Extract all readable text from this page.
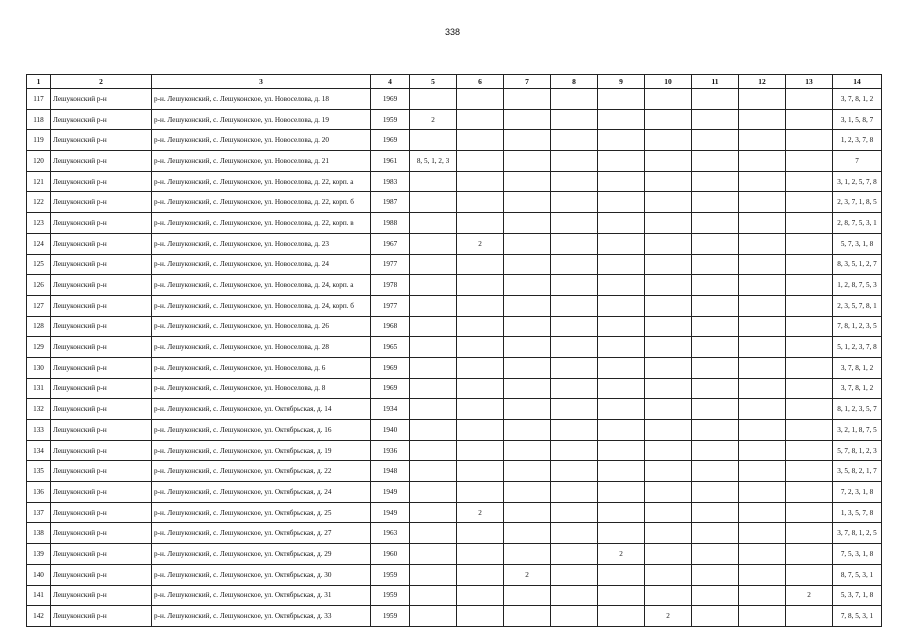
338
1	2	3	4	5	6	7	8	9	10	11	12	13	14
117	Лешуконский р-н	р-н. Лешуконский, с. Лешуконское, ул. Новоселова, д. 18	1969										3, 7, 8, 1, 2
118	Лешуконский р-н	р-н. Лешуконский, с. Лешуконское, ул. Новоселова, д. 19	1959	2									3, 1, 5, 8, 7
119	Лешуконский р-н	р-н. Лешуконский, с. Лешуконское, ул. Новоселова, д. 20	1969										1, 2, 3, 7, 8
120	Лешуконский р-н	р-н. Лешуконский, с. Лешуконское, ул. Новоселова, д. 21	1961	8, 5, 1, 2, 3									7
121	Лешуконский р-н	р-н. Лешуконский, с. Лешуконское, ул. Новоселова, д. 22, корп. а	1983										3, 1, 2, 5, 7, 8
122	Лешуконский р-н	р-н. Лешуконский, с. Лешуконское, ул. Новоселова, д. 22, корп. б	1987										2, 3, 7, 1, 8, 5
123	Лешуконский р-н	р-н. Лешуконский, с. Лешуконское, ул. Новоселова, д. 22, корп. в	1988										2, 8, 7, 5, 3, 1
124	Лешуконский р-н	р-н. Лешуконский, с. Лешуконское, ул. Новоселова, д. 23	1967		2								5, 7, 3, 1, 8
125	Лешуконский р-н	р-н. Лешуконский, с. Лешуконское, ул. Новоселова, д. 24	1977										8, 3, 5, 1, 2, 7
126	Лешуконский р-н	р-н. Лешуконский, с. Лешуконское, ул. Новоселова, д. 24, корп. а	1978										1, 2, 8, 7, 5, 3
127	Лешуконский р-н	р-н. Лешуконский, с. Лешуконское, ул. Новоселова, д. 24, корп. б	1977										2, 3, 5, 7, 8, 1
128	Лешуконский р-н	р-н. Лешуконский, с. Лешуконское, ул. Новоселова, д. 26	1968										7, 8, 1, 2, 3, 5
129	Лешуконский р-н	р-н. Лешуконский, с. Лешуконское, ул. Новоселова, д. 28	1965										5, 1, 2, 3, 7, 8
130	Лешуконский р-н	р-н. Лешуконский, с. Лешуконское, ул. Новоселова, д. 6	1969										3, 7, 8, 1, 2
131	Лешуконский р-н	р-н. Лешуконский, с. Лешуконское, ул. Новоселова, д. 8	1969										3, 7, 8, 1, 2
132	Лешуконский р-н	р-н. Лешуконский, с. Лешуконское, ул. Октябрьская, д. 14	1934										8, 1, 2, 3, 5, 7
133	Лешуконский р-н	р-н. Лешуконский, с. Лешуконское, ул. Октябрьская, д. 16	1940										3, 2, 1, 8, 7, 5
134	Лешуконский р-н	р-н. Лешуконский, с. Лешуконское, ул. Октябрьская, д. 19	1936										5, 7, 8, 1, 2, 3
135	Лешуконский р-н	р-н. Лешуконский, с. Лешуконское, ул. Октябрьская, д. 22	1948										3, 5, 8, 2, 1, 7
136	Лешуконский р-н	р-н. Лешуконский, с. Лешуконское, ул. Октябрьская, д. 24	1949										7, 2, 3, 1, 8
137	Лешуконский р-н	р-н. Лешуконский, с. Лешуконское, ул. Октябрьская, д. 25	1949		2								1, 3, 5, 7, 8
138	Лешуконский р-н	р-н. Лешуконский, с. Лешуконское, ул. Октябрьская, д. 27	1963										3, 7, 8, 1, 2, 5
139	Лешуконский р-н	р-н. Лешуконский, с. Лешуконское, ул. Октябрьская, д. 29	1960					2					7, 5, 3, 1, 8
140	Лешуконский р-н	р-н. Лешуконский, с. Лешуконское, ул. Октябрьская, д. 30	1959			2							8, 7, 5, 3, 1
141	Лешуконский р-н	р-н. Лешуконский, с. Лешуконское, ул. Октябрьская, д. 31	1959									2	5, 3, 7, 1, 8
142	Лешуконский р-н	р-н. Лешуконский, с. Лешуконское, ул. Октябрьская, д. 33	1959						2				7, 8, 5, 3, 1
